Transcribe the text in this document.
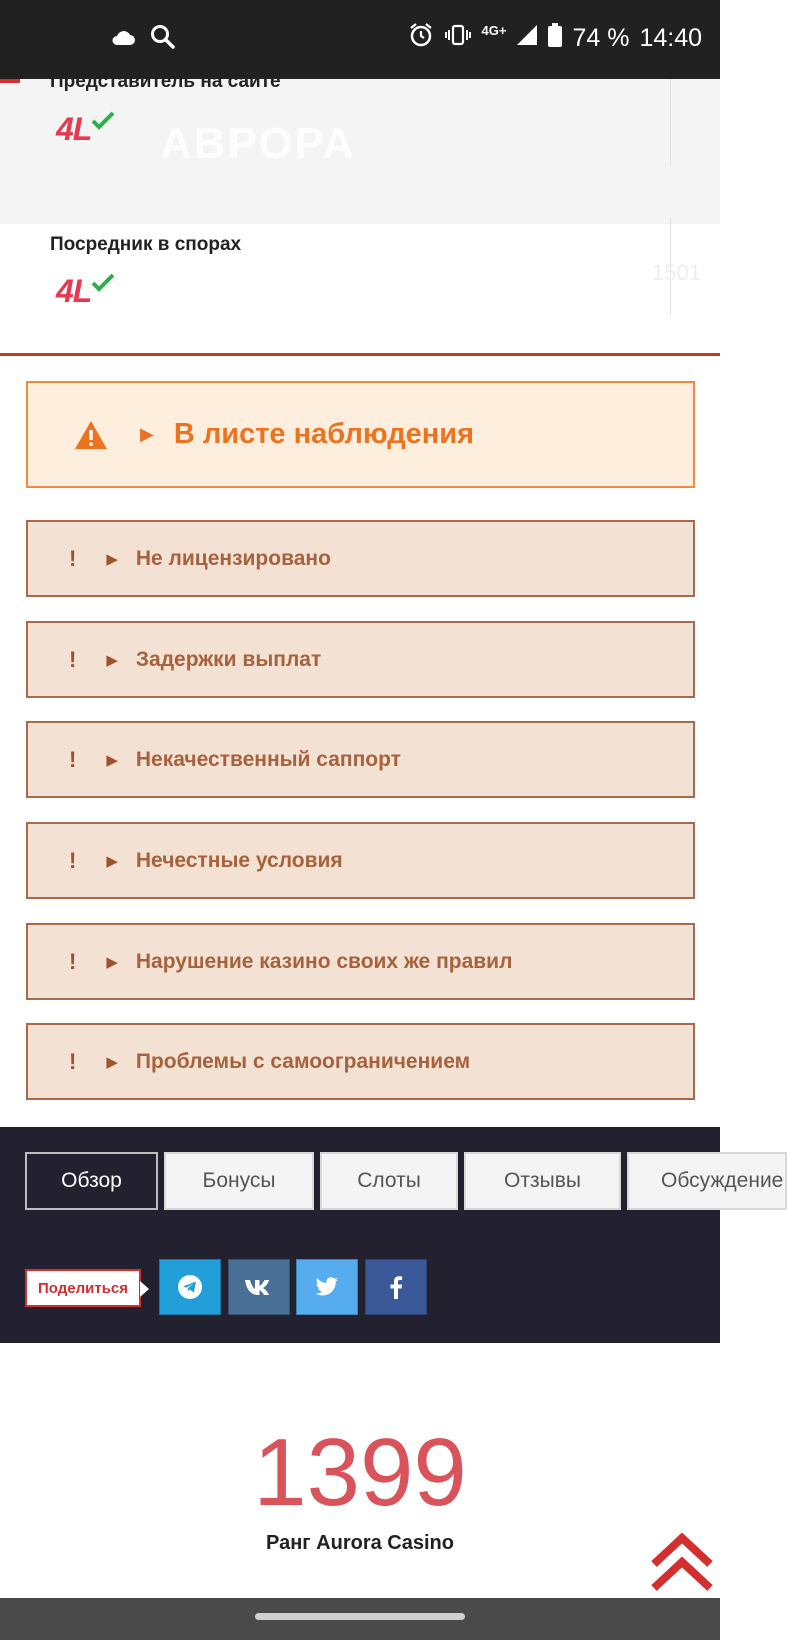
4G+	74 % 14:40
АВРОРА
1501
Представитель на сайте
4L
Посредник в спорах
4L
▶ В листе наблюдения
! ▶ Не лицензировано
! ▶ Задержки выплат
! ▶ Некачественный саппорт
! ▶ Нечестные условия
! ▶ Нарушение казино своих же правил
! ▶ Проблемы с самоограничением
Обзор	Бонусы	Слоты	Отзывы	Обсуждение
Поделиться
1399
Ранг Aurora Casino
